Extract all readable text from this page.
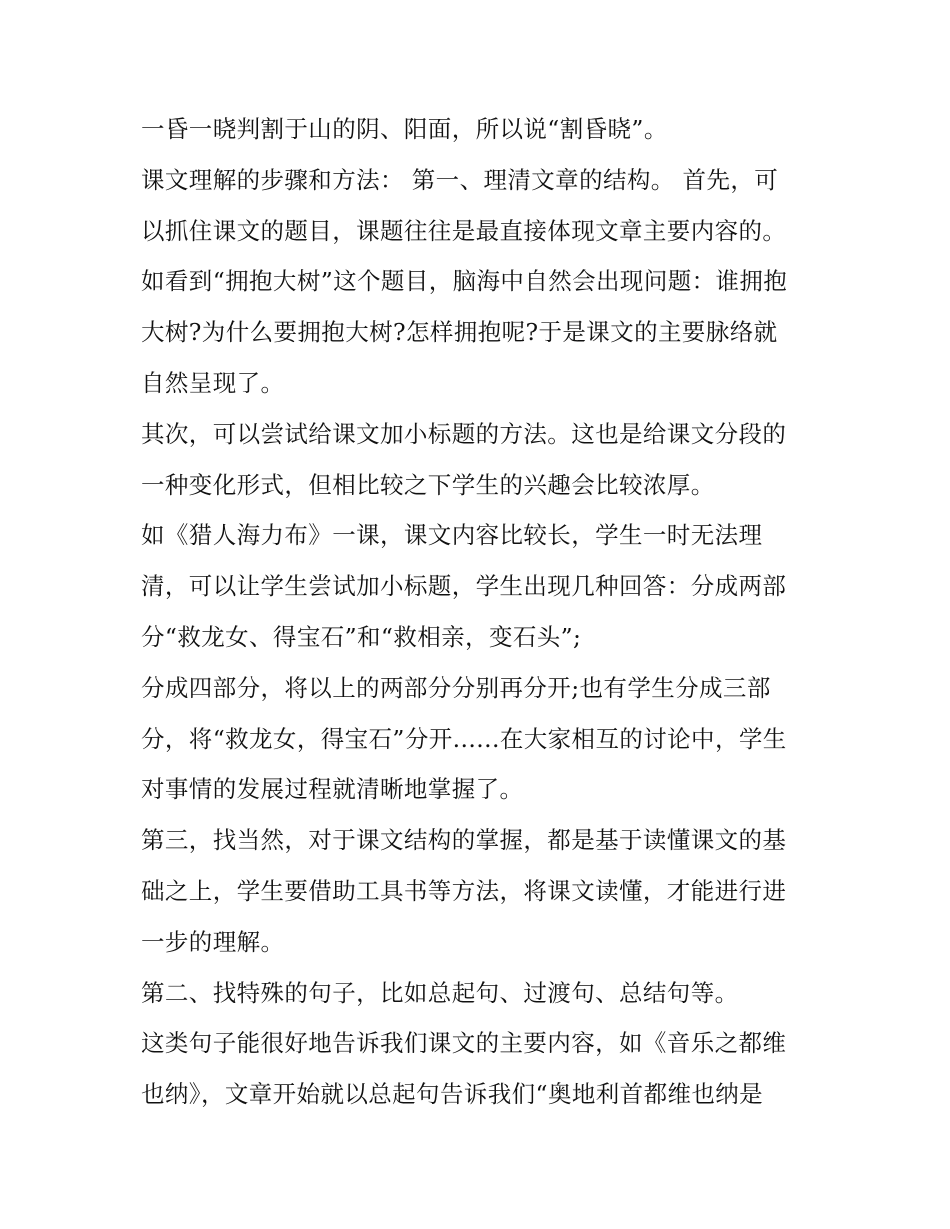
一昏一晓判割于山的阴、阳面，所以说“割昏晓”。
课文理解的步骤和方法： 第一、理清文章的结构。 首先，可
以抓住课文的题目，课题往往是最直接体现文章主要内容的。
如看到“拥抱大树”这个题目，脑海中自然会出现问题：谁拥抱
大树?为什么要拥抱大树?怎样拥抱呢?于是课文的主要脉络就
自然呈现了。
其次，可以尝试给课文加小标题的方法。这也是给课文分段的
一种变化形式，但相比较之下学生的兴趣会比较浓厚。
如《猎人海力布》一课，课文内容比较长，学生一时无法理
清，可以让学生尝试加小标题，学生出现几种回答：分成两部
分“救龙女、得宝石”和“救相亲，变石头”;
分成四部分，将以上的两部分分别再分开;也有学生分成三部
分，将“救龙女，得宝石”分开......在大家相互的讨论中，学生
对事情的发展过程就清晰地掌握了。
第三，找当然，对于课文结构的掌握，都是基于读懂课文的基
础之上，学生要借助工具书等方法，将课文读懂，才能进行进
一步的理解。
第二、找特殊的句子，比如总起句、过渡句、总结句等。
这类句子能很好地告诉我们课文的主要内容，如《音乐之都维
也纳》，文章开始就以总起句告诉我们“奥地利首都维也纳是
